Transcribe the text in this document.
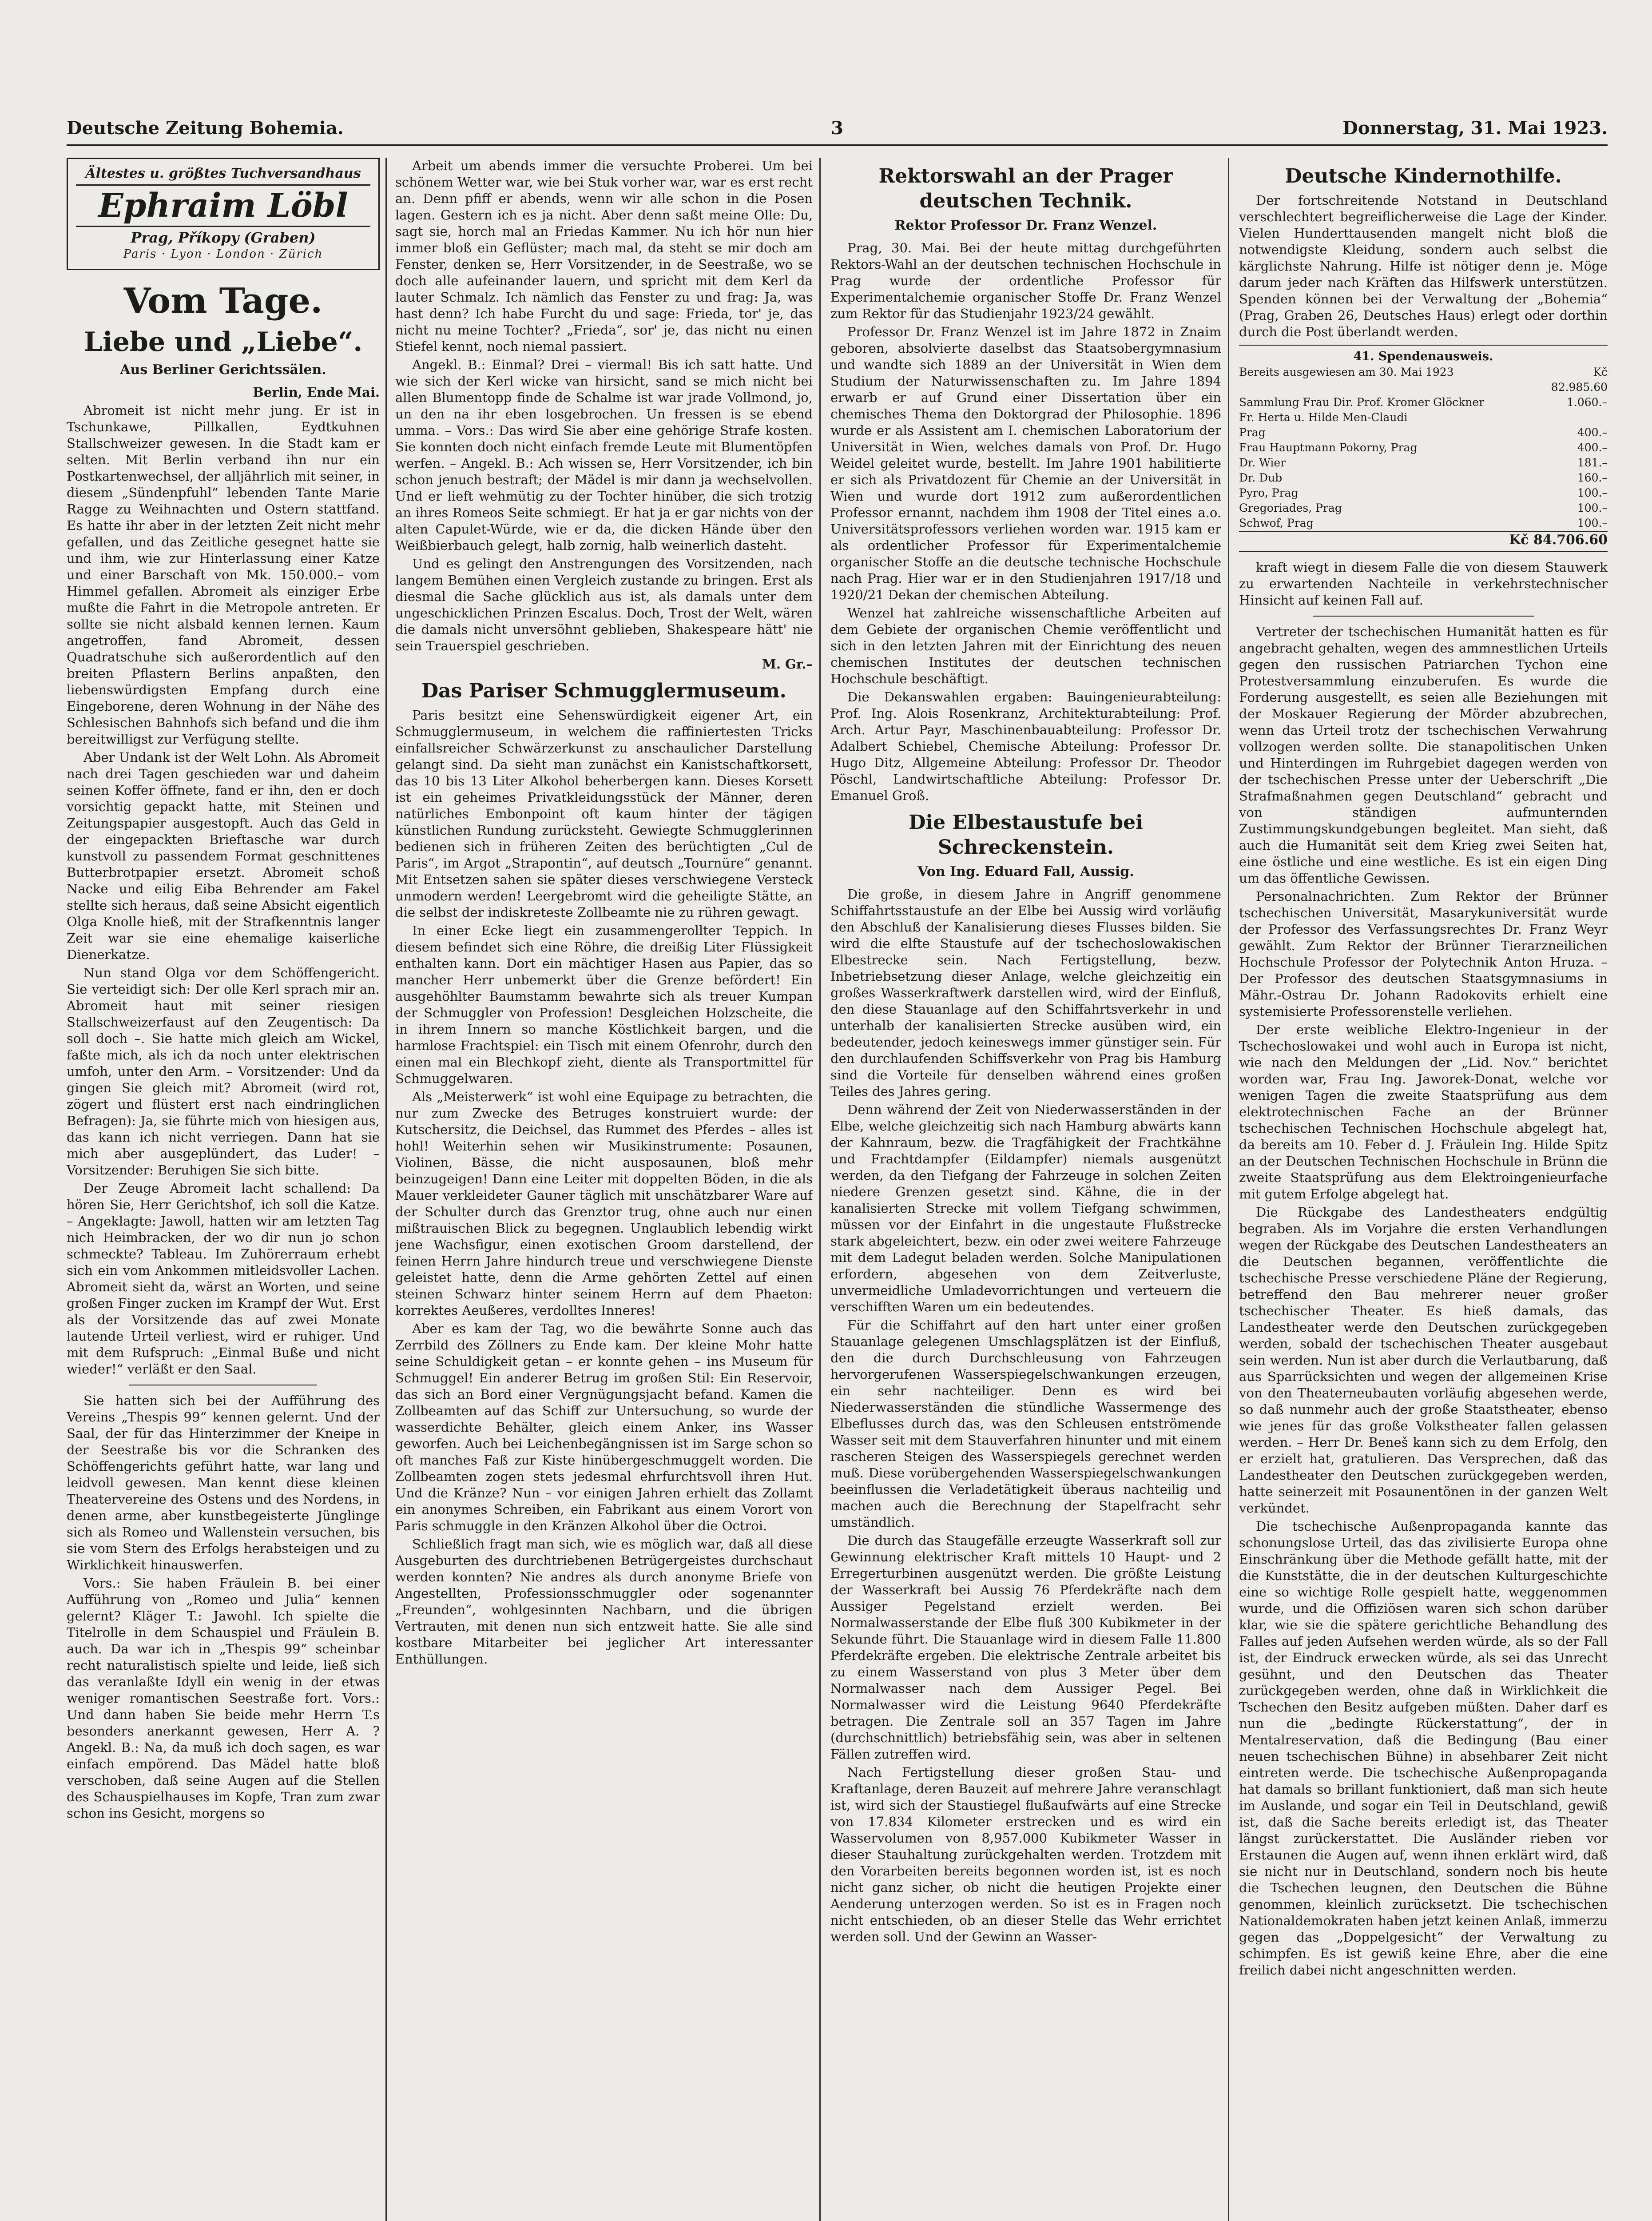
Deutsche Zeitung Bohemia.	3	Donnerstag, 31. Mai 1923.
Ältestes u. größtes Tuchversandhaus
Ephraim Löbl
Prag, Příkopy (Graben)
Paris · Lyon · London · Zürich
Vom Tage.
Liebe und „Liebe“.
Aus Berliner Gerichtssälen.

Berlin, Ende Mai.

Abromeit ist nicht mehr jung. Er ist in Tschunkawe, Pillkallen, Eydtkuhnen Stallschweizer gewesen. In die Stadt kam er selten. Mit Berlin verband ihn nur ein Postkartenwechsel, der alljährlich mit seiner, in diesem „Sündenpfuhl“ lebenden Tante Marie Ragge zu Weihnachten und Ostern stattfand. Es hatte ihr aber in der letzten Zeit nicht mehr gefallen, und das Zeitliche gesegnet hatte sie und ihm, wie zur Hinterlassung einer Katze und einer Barschaft von Mk. 150.000.– vom Himmel gefallen. Abromeit als einziger Erbe mußte die Fahrt in die Metropole antreten. Er sollte sie nicht alsbald kennen lernen. Kaum angetroffen, fand Abromeit, dessen Quadratschuhe sich außerordentlich auf den breiten Pflastern Berlins anpaßten, den liebenswürdigsten Empfang durch eine Eingeborene, deren Wohnung in der Nähe des Schlesischen Bahnhofs sich befand und die ihm bereitwilligst zur Verfügung stellte.

Aber Undank ist der Welt Lohn. Als Abromeit nach drei Tagen geschieden war und daheim seinen Koffer öffnete, fand er ihn, den er doch vorsichtig gepackt hatte, mit Steinen und Zeitungspapier ausgestopft. Auch das Geld in der eingepackten Brieftasche war durch kunstvoll zu passendem Format geschnittenes Butterbrotpapier ersetzt. Abromeit schoß Nacke und eilig Eiba Behrender am Fakel stellte sich heraus, daß seine Absicht eigentlich Olga Knolle hieß, mit der Strafkenntnis langer Zeit war sie eine ehemalige kaiserliche Dienerkatze.

Nun stand Olga vor dem Schöffengericht. Sie verteidigt sich: Der olle Kerl sprach mir an. Abromeit haut mit seiner riesigen Stallschweizerfaust auf den Zeugentisch: Da soll doch –. Sie hatte mich gleich am Wickel, faßte mich, als ich da noch unter elektrischen umfoh, unter den Arm. – Vorsitzender: Und da gingen Sie gleich mit? Abromeit (wird rot, zögert und flüstert erst nach eindringlichen Befragen): Ja, sie führte mich von hiesigen aus, das kann ich nicht verriegen. Dann hat sie mich aber ausgeplündert, das Luder! – Vorsitzender: Beruhigen Sie sich bitte.

Der Zeuge Abromeit lacht schallend: Da hören Sie, Herr Gerichtshof, ich soll die Katze. – Angeklagte: Jawoll, hatten wir am letzten Tag nich Heimbracken, der wo dir nun jo schon schmeckte? Tableau. Im Zuhörerraum erhebt sich ein vom Ankommen mitleidsvoller Lachen. Abromeit sieht da, wärst an Worten, und seine großen Finger zucken im Krampf der Wut. Erst als der Vorsitzende das auf zwei Monate lautende Urteil verliest, wird er ruhiger. Und mit dem Rufspruch: „Einmal Buße und nicht wieder!“ verläßt er den Saal.

Sie hatten sich bei der Aufführung des Vereins „Thespis 99“ kennen gelernt. Und der Saal, der für das Hinterzimmer der Kneipe in der Seestraße bis vor die Schranken des Schöffengerichts geführt hatte, war lang und leidvoll gewesen. Man kennt diese kleinen Theatervereine des Ostens und des Nordens, in denen arme, aber kunstbegeisterte Jünglinge sich als Romeo und Wallenstein versuchen, bis sie vom Stern des Erfolgs herabsteigen und zu Wirklichkeit hinauswerfen.

Vors.: Sie haben Fräulein B. bei einer Aufführung von „Romeo und Julia“ kennen gelernt? Kläger T.: Jawohl. Ich spielte die Titelrolle in dem Schauspiel und Fräulein B. auch. Da war ich in „Thespis 99“ scheinbar recht naturalistisch spielte und leide, ließ sich das veranlaßte Idyll ein wenig in der etwas weniger romantischen Seestraße fort. Vors.: Und dann haben Sie beide mehr Herrn T.s besonders anerkannt gewesen, Herr A. ? Angekl. B.: Na, da muß ich doch sagen, es war einfach empörend. Das Mädel hatte bloß verschoben, daß seine Augen auf die Stellen des Schauspielhauses im Kopfe, Tran zum zwar schon ins Gesicht, morgens so

Arbeit um abends immer die versuchte Proberei. Um bei schönem Wetter war, wie bei Stuk vorher war, war es erst recht an. Denn pfiff er abends, wenn wir alle schon in die Posen lagen. Gestern ich es ja nicht. Aber denn saßt meine Olle: Du, sagt sie, horch mal an Friedas Kammer. Nu ich hör nun hier immer bloß ein Geflüster; mach mal, da steht se mir doch am Fenster, denken se, Herr Vorsitzender, in de Seestraße, wo se doch alle aufeinander lauern, und spricht mit dem Kerl da lauter Schmalz. Ich nämlich das Fenster zu und frag: Ja, was hast denn? Ich habe Furcht du und sage: Frieda, tor' je, das nicht nu meine Tochter? „Frieda“, sor' je, das nicht nu einen Stiefel kennt, noch niemal passiert.

Angekl. B.: Einmal? Drei – viermal! Bis ich satt hatte. Und wie sich der Kerl wicke van hirsicht, sand se mich nicht bei allen Blumentopp finde de Schalme ist war jrade Vollmond, jo, un den na ihr eben losgebrochen. Un fressen is se ebend umma. – Vors.: Das wird Sie aber eine gehörige Strafe kosten. Sie konnten doch nicht einfach fremde Leute mit Blumentöpfen werfen. – Angekl. B.: Ach wissen se, Herr Vorsitzender, ich bin schon jenuch bestraft; der Mädel is mir dann ja wechselvollen. Und er lieft wehmütig zu der Tochter hinüber, die sich trotzig an ihres Romeos Seite schmiegt. Er hat ja er gar nichts von der alten Capulet-Würde, wie er da, die dicken Hände über den Weißbierbauch gelegt, halb zornig, halb weinerlich dasteht.

Und es gelingt den Anstrengungen des Vorsitzenden, nach langem Bemühen einen Vergleich zustande zu bringen. Erst als diesmal die Sache glücklich aus ist, als damals unter dem ungeschicklichen Prinzen Escalus. Doch, Trost der Welt, wären die damals nicht unversöhnt geblieben, Shakespeare hätt' nie sein Trauerspiel geschrieben.

M. Gr.–

Das Pariser Schmugglermuseum.

Paris besitzt eine Sehenswürdigkeit eigener Art, ein Schmugglermuseum, in welchem die raffiniertesten Tricks einfallsreicher Schwärzerkunst zu anschaulicher Darstellung gelangt sind. Da sieht man zunächst ein Kanistschaftkorsett, das 10 bis 13 Liter Alkohol beherbergen kann. Dieses Korsett ist ein geheimes Privatkleidungsstück der Männer, deren natürliches Embonpoint oft kaum hinter der tägigen künstlichen Rundung zurücksteht. Gewiegte Schmugglerinnen bedienen sich in früheren Zeiten des berüchtigten „Cul de Paris“, im Argot „Strapontin“, auf deutsch „Tournüre“ genannt. Mit Entsetzen sahen sie später dieses verschwiegene Versteck unmodern werden! Leergebromt wird die geheiligte Stätte, an die selbst der indiskreteste Zollbeamte nie zu rühren gewagt.

In einer Ecke liegt ein zusammengerollter Teppich. In diesem befindet sich eine Röhre, die dreißig Liter Flüssigkeit enthalten kann. Dort ein mächtiger Hasen aus Papier, das so mancher Herr unbemerkt über die Grenze befördert! Ein ausgehöhlter Baumstamm bewahrte sich als treuer Kumpan der Schmuggler von Profession! Desgleichen Holzscheite, die in ihrem Innern so manche Köstlichkeit bargen, und die harmlose Frachtspiel: ein Tisch mit einem Ofenrohr, durch den einen mal ein Blechkopf zieht, diente als Transportmittel für Schmuggelwaren.

Als „Meisterwerk“ ist wohl eine Equipage zu betrachten, die nur zum Zwecke des Betruges konstruiert wurde: der Kutschersitz, die Deichsel, das Rummet des Pferdes – alles ist hohl! Weiterhin sehen wir Musikinstrumente: Posaunen, Violinen, Bässe, die nicht ausposaunen, bloß mehr beinzugeigen! Dann eine Leiter mit doppelten Böden, in die als Mauer verkleideter Gauner täglich mit unschätzbarer Ware auf der Schulter durch das Grenztor trug, ohne auch nur einen mißtrauischen Blick zu begegnen. Unglaublich lebendig wirkt jene Wachsfigur, einen exotischen Groom darstellend, der feinen Herrn Jahre hindurch treue und verschwiegene Dienste geleistet hatte, denn die Arme gehörten Zettel auf einen steinen Schwarz hinter seinem Herrn auf dem Phaeton: korrektes Aeußeres, verdolltes Inneres!

Aber es kam der Tag, wo die bewährte Sonne auch das Zerrbild des Zöllners zu Ende kam. Der kleine Mohr hatte seine Schuldigkeit getan – er konnte gehen – ins Museum für Schmuggel! Ein anderer Betrug im großen Stil: Ein Reservoir, das sich an Bord einer Vergnügungsjacht befand. Kamen die Zollbeamten auf das Schiff zur Untersuchung, so wurde der wasserdichte Behälter, gleich einem Anker, ins Wasser geworfen. Auch bei Leichenbegängnissen ist im Sarge schon so oft manches Faß zur Kiste hinübergeschmuggelt worden. Die Zollbeamten zogen stets jedesmal ehrfurchtsvoll ihren Hut. Und die Kränze? Nun – vor einigen Jahren erhielt das Zollamt ein anonymes Schreiben, ein Fabrikant aus einem Vorort von Paris schmuggle in den Kränzen Alkohol über die Octroi.

Schließlich fragt man sich, wie es möglich war, daß all diese Ausgeburten des durchtriebenen Betrügergeistes durchschaut werden konnten? Nie andres als durch anonyme Briefe von Angestellten, Professionsschmuggler oder sogenannter „Freunden“, wohlgesinnten Nachbarn, und die übrigen Vertrauten, mit denen nun sich entzweit hatte. Sie alle sind kostbare Mitarbeiter bei jeglicher Art interessanter Enthüllungen.

Rektorswahl an der Prager deutschen Technik.
Rektor Professor Dr. Franz Wenzel.

Prag, 30. Mai. Bei der heute mittag durchgeführten Rektors-Wahl an der deutschen technischen Hochschule in Prag wurde der ordentliche Professor für Experimentalchemie organischer Stoffe Dr. Franz Wenzel zum Rektor für das Studienjahr 1923/24 gewählt.

Professor Dr. Franz Wenzel ist im Jahre 1872 in Znaim geboren, absolvierte daselbst das Staatsobergymnasium und wandte sich 1889 an der Universität in Wien dem Studium der Naturwissenschaften zu. Im Jahre 1894 erwarb er auf Grund einer Dissertation über ein chemisches Thema den Doktorgrad der Philosophie. 1896 wurde er als Assistent am I. chemischen Laboratorium der Universität in Wien, welches damals von Prof. Dr. Hugo Weidel geleitet wurde, bestellt. Im Jahre 1901 habilitierte er sich als Privatdozent für Chemie an der Universität in Wien und wurde dort 1912 zum außerordentlichen Professor ernannt, nachdem ihm 1908 der Titel eines a.o. Universitätsprofessors verliehen worden war. 1915 kam er als ordentlicher Professor für Experimentalchemie organischer Stoffe an die deutsche technische Hochschule nach Prag. Hier war er in den Studienjahren 1917/18 und 1920/21 Dekan der chemischen Abteilung.

Wenzel hat zahlreiche wissenschaftliche Arbeiten auf dem Gebiete der organischen Chemie veröffentlicht und sich in den letzten Jahren mit der Einrichtung des neuen chemischen Institutes der deutschen technischen Hochschule beschäftigt.

Die Dekanswahlen ergaben: Bauingenieurabteilung: Prof. Ing. Alois Rosenkranz, Architekturabteilung: Prof. Arch. Artur Payr, Maschinenbauabteilung: Professor Dr. Adalbert Schiebel, Chemische Abteilung: Professor Dr. Hugo Ditz, Allgemeine Abteilung: Professor Dr. Theodor Pöschl, Landwirtschaftliche Abteilung: Professor Dr. Emanuel Groß.

Die Elbestaustufe bei Schreckenstein.
Von Ing. Eduard Fall, Aussig.

Die große, in diesem Jahre in Angriff genommene Schiffahrtsstaustufe an der Elbe bei Aussig wird vorläufig den Abschluß der Kanalisierung dieses Flusses bilden. Sie wird die elfte Staustufe auf der tschechoslowakischen Elbestrecke sein. Nach Fertigstellung, bezw. Inbetriebsetzung dieser Anlage, welche gleichzeitig ein großes Wasserkraftwerk darstellen wird, wird der Einfluß, den diese Stauanlage auf den Schiffahrtsverkehr in und unterhalb der kanalisierten Strecke ausüben wird, ein bedeutender, jedoch keineswegs immer günstiger sein. Für den durchlaufenden Schiffsverkehr von Prag bis Hamburg sind die Vorteile für denselben während eines großen Teiles des Jahres gering.

Denn während der Zeit von Niederwasserständen in der Elbe, welche gleichzeitig sich nach Hamburg abwärts kann der Kahnraum, bezw. die Tragfähigkeit der Frachtkähne und Frachtdampfer (Eildampfer) niemals ausgenützt werden, da den Tiefgang der Fahrzeuge in solchen Zeiten niedere Grenzen gesetzt sind. Kähne, die in der kanalisierten Strecke mit vollem Tiefgang schwimmen, müssen vor der Einfahrt in die ungestaute Flußstrecke stark abgeleichtert, bezw. ein oder zwei weitere Fahrzeuge mit dem Ladegut beladen werden. Solche Manipulationen erfordern, abgesehen von dem Zeitverluste, unvermeidliche Umladevorrichtungen und verteuern die verschifften Waren um ein bedeutendes.

Für die Schiffahrt auf den hart unter einer großen Stauanlage gelegenen Umschlagsplätzen ist der Einfluß, den die durch Durchschleusung von Fahrzeugen hervorgerufenen Wasserspiegelschwankungen erzeugen, ein sehr nachteiliger. Denn es wird bei Niederwasserständen die stündliche Wassermenge des Elbeflusses durch das, was den Schleusen entströmende Wasser seit mit dem Stauverfahren hinunter und mit einem rascheren Steigen des Wasserspiegels gerechnet werden muß. Diese vorübergehenden Wasserspiegelschwankungen beeinflussen die Verladetätigkeit überaus nachteilig und machen auch die Berechnung der Stapelfracht sehr umständlich.

Die durch das Staugefälle erzeugte Wasserkraft soll zur Gewinnung elektrischer Kraft mittels 10 Haupt- und 2 Erregerturbinen ausgenützt werden. Die größte Leistung der Wasserkraft bei Aussig 76 Pferdekräfte nach dem Aussiger Pegelstand erzielt werden. Bei Normalwasserstande der Elbe fluß 300 Kubikmeter in der Sekunde führt. Die Stauanlage wird in diesem Falle 11.800 Pferdekräfte ergeben. Die elektrische Zentrale arbeitet bis zu einem Wasserstand von plus 3 Meter über dem Normalwasser nach dem Aussiger Pegel. Bei Normalwasser wird die Leistung 9640 Pferdekräfte betragen. Die Zentrale soll an 357 Tagen im Jahre (durchschnittlich) betriebsfähig sein, was aber in seltenen Fällen zutreffen wird.

Nach Fertigstellung dieser großen Stau- und Kraftanlage, deren Bauzeit auf mehrere Jahre veranschlagt ist, wird sich der Staustiegel flußaufwärts auf eine Strecke von 17.834 Kilometer erstrecken und es wird ein Wasservolumen von 8,957.000 Kubikmeter Wasser in dieser Stauhaltung zurückgehalten werden. Trotzdem mit den Vorarbeiten bereits begonnen worden ist, ist es noch nicht ganz sicher, ob nicht die heutigen Projekte einer Aenderung unterzogen werden. So ist es in Fragen noch nicht entschieden, ob an dieser Stelle das Wehr errichtet werden soll. Und der Gewinn an Wasser-

Deutsche Kindernothilfe.

Der fortschreitende Notstand in Deutschland verschlechtert begreiflicherweise die Lage der Kinder. Vielen Hunderttausenden mangelt nicht bloß die notwendigste Kleidung, sondern auch selbst die kärglichste Nahrung. Hilfe ist nötiger denn je. Möge darum jeder nach Kräften das Hilfswerk unterstützen. Spenden können bei der Verwaltung der „Bohemia“ (Prag, Graben 26, Deutsches Haus) erlegt oder dorthin durch die Post überlandt werden.

41. Spendenausweis.
Bereits ausgewiesen am 30. Mai 1923	Kč 82.985.60
Sammlung Frau Dir. Prof. Kromer Glöckner	1.060.–
Fr. Herta u. Hilde Men-Claudi
Prag	400.–
Frau Hauptmann Pokorny, Prag	400.–
Dr. Wier	181.–
Dr. Dub	160.–
Pyro, Prag	100.–
Gregoriades, Prag	100.–
Schwof, Prag	100.–
Kč 84.706.60

kraft wiegt in diesem Falle die von diesem Stauwerk zu erwartenden Nachteile in verkehrstechnischer Hinsicht auf keinen Fall auf.

Vertreter der tschechischen Humanität hatten es für angebracht gehalten, wegen des ammnestlichen Urteils gegen den russischen Patriarchen Tychon eine Protestversammlung einzuberufen. Es wurde die Forderung ausgestellt, es seien alle Beziehungen mit der Moskauer Regierung der Mörder abzubrechen, wenn das Urteil trotz der tschechischen Verwahrung vollzogen werden sollte. Die stanapolitischen Unken und Hinterdingen im Ruhrgebiet dagegen werden von der tschechischen Presse unter der Ueberschrift „Die Strafmaßnahmen gegen Deutschland“ gebracht und von ständigen aufmunternden Zustimmungskundgebungen begleitet. Man sieht, daß auch die Humanität seit dem Krieg zwei Seiten hat, eine östliche und eine westliche. Es ist ein eigen Ding um das öffentliche Gewissen.

Personalnachrichten. Zum Rektor der Brünner tschechischen Universität, Masarykuniversität wurde der Professor des Verfassungsrechtes Dr. Franz Weyr gewählt. Zum Rektor der Brünner Tierarzneilichen Hochschule Professor der Polytechnik Anton Hruza. – Der Professor des deutschen Staatsgymnasiums in Mähr.-Ostrau Dr. Johann Radokovits erhielt eine systemisierte Professorenstelle verliehen.

Der erste weibliche Elektro-Ingenieur in der Tschechoslowakei und wohl auch in Europa ist nicht, wie nach den Meldungen der „Lid. Nov.“ berichtet worden war, Frau Ing. Jaworek-Donat, welche vor wenigen Tagen die zweite Staatsprüfung aus dem elektrotechnischen Fache an der Brünner tschechischen Technischen Hochschule abgelegt hat, da bereits am 10. Feber d. J. Fräulein Ing. Hilde Spitz an der Deutschen Technischen Hochschule in Brünn die zweite Staatsprüfung aus dem Elektroingenieurfache mit gutem Erfolge abgelegt hat.

Die Rückgabe des Landestheaters endgültig begraben. Als im Vorjahre die ersten Verhandlungen wegen der Rückgabe des Deutschen Landestheaters an die Deutschen begannen, veröffentlichte die tschechische Presse verschiedene Pläne der Regierung, betreffend den Bau mehrerer neuer großer tschechischer Theater. Es hieß damals, das Landestheater werde den Deutschen zurückgegeben werden, sobald der tschechischen Theater ausgebaut sein werden. Nun ist aber durch die Verlautbarung, daß aus Sparrücksichten und wegen der allgemeinen Krise von den Theaterneubauten vorläufig abgesehen werde, so daß nunmehr auch der große Staatstheater, ebenso wie jenes für das große Volkstheater fallen gelassen werden. – Herr Dr. Beneš kann sich zu dem Erfolg, den er erzielt hat, gratulieren. Das Versprechen, daß das Landestheater den Deutschen zurückgegeben werden, hatte seinerzeit mit Posaunentönen in der ganzen Welt verkündet.

Die tschechische Außenpropaganda kannte das schonungslose Urteil, das das zivilisierte Europa ohne Einschränkung über die Methode gefällt hatte, mit der die Kunststätte, die in der deutschen Kulturgeschichte eine so wichtige Rolle gespielt hatte, weggenommen wurde, und die Offiziösen waren sich schon darüber klar, wie sie die spätere gerichtliche Behandlung des Falles auf jeden Aufsehen werden würde, als so der Fall ist, der Eindruck erwecken würde, als sei das Unrecht gesühnt, und den Deutschen das Theater zurückgegeben werden, ohne daß in Wirklichkeit die Tschechen den Besitz aufgeben müßten. Daher darf es nun die „bedingte Rückerstattung“, der in Mentalreservation, daß die Bedingung (Bau einer neuen tschechischen Bühne) in absehbarer Zeit nicht eintreten werde. Die tschechische Außenpropaganda hat damals so brillant funktioniert, daß man sich heute im Auslande, und sogar ein Teil in Deutschland, gewiß ist, daß die Sache bereits erledigt ist, das Theater längst zurückerstattet. Die Ausländer rieben vor Erstaunen die Augen auf, wenn ihnen erklärt wird, daß sie nicht nur in Deutschland, sondern noch bis heute die Tschechen leugnen, den Deutschen die Bühne genommen, kleinlich zurücksetzt. Die tschechischen Nationaldemokraten haben jetzt keinen Anlaß, immerzu gegen das „Doppelgesicht“ der Verwaltung zu schimpfen. Es ist gewiß keine Ehre, aber die eine freilich dabei nicht angeschnitten werden.
